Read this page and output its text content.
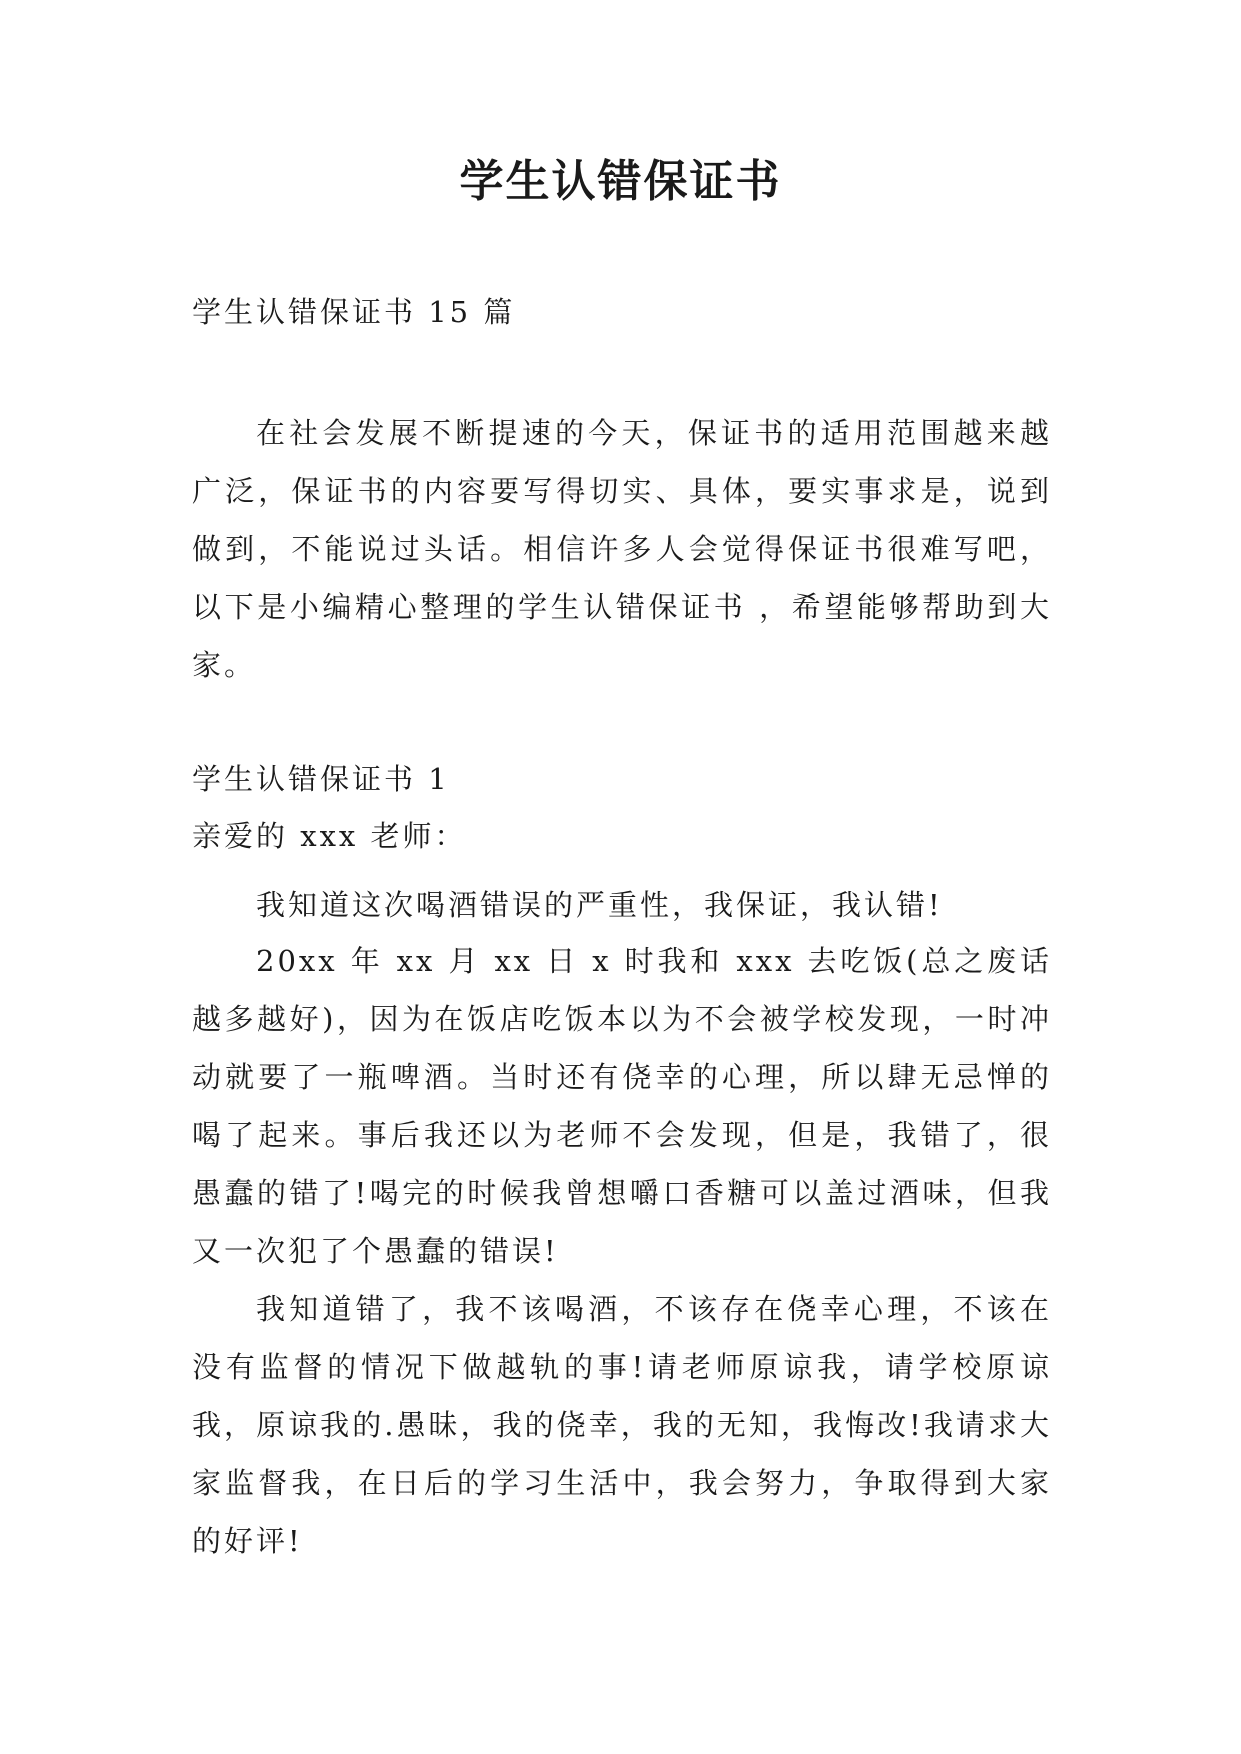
学生认错保证书

学生认错保证书 15 篇

在社会发展不断提速的今天，保证书的适用范围越来越广泛，保证书的内容要写得切实、具体，要实事求是，说到做到，不能说过头话。相信许多人会觉得保证书很难写吧，以下是小编精心整理的学生认错保证书 ，希望能够帮助到大家。

学生认错保证书 1

亲爱的 xxx 老师：

我知道这次喝酒错误的严重性，我保证，我认错!

20xx 年 xx 月 xx 日 x 时我和 xxx 去吃饭(总之废话越多越好)，因为在饭店吃饭本以为不会被学校发现，一时冲动就要了一瓶啤酒。当时还有侥幸的心理，所以肆无忌惮的喝了起来。事后我还以为老师不会发现，但是，我错了，很愚蠢的错了!喝完的时候我曾想嚼口香糖可以盖过酒味，但我又一次犯了个愚蠢的错误!

我知道错了，我不该喝酒，不该存在侥幸心理，不该在没有监督的情况下做越轨的事!请老师原谅我，请学校原谅我，原谅我的.愚昧，我的侥幸，我的无知，我悔改!我请求大家监督我，在日后的学习生活中，我会努力，争取得到大家的好评!
